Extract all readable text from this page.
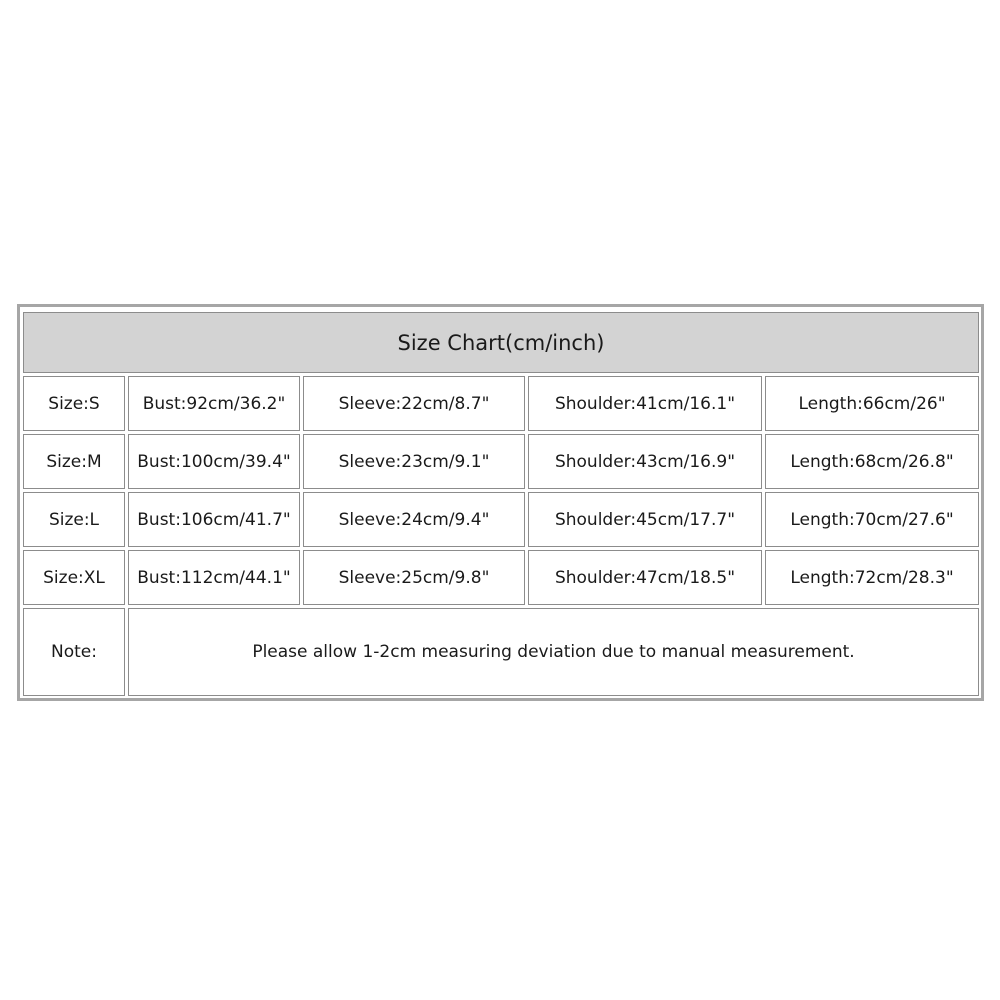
Size Chart(cm/inch)
Size:S	Bust:92cm/36.2"	Sleeve:22cm/8.7"	Shoulder:41cm/16.1"	Length:66cm/26"
Size:M	Bust:100cm/39.4"	Sleeve:23cm/9.1"	Shoulder:43cm/16.9"	Length:68cm/26.8"
Size:L	Bust:106cm/41.7"	Sleeve:24cm/9.4"	Shoulder:45cm/17.7"	Length:70cm/27.6"
Size:XL	Bust:112cm/44.1"	Sleeve:25cm/9.8"	Shoulder:47cm/18.5"	Length:72cm/28.3"
Note:	Please allow 1-2cm measuring deviation due to manual measurement.
